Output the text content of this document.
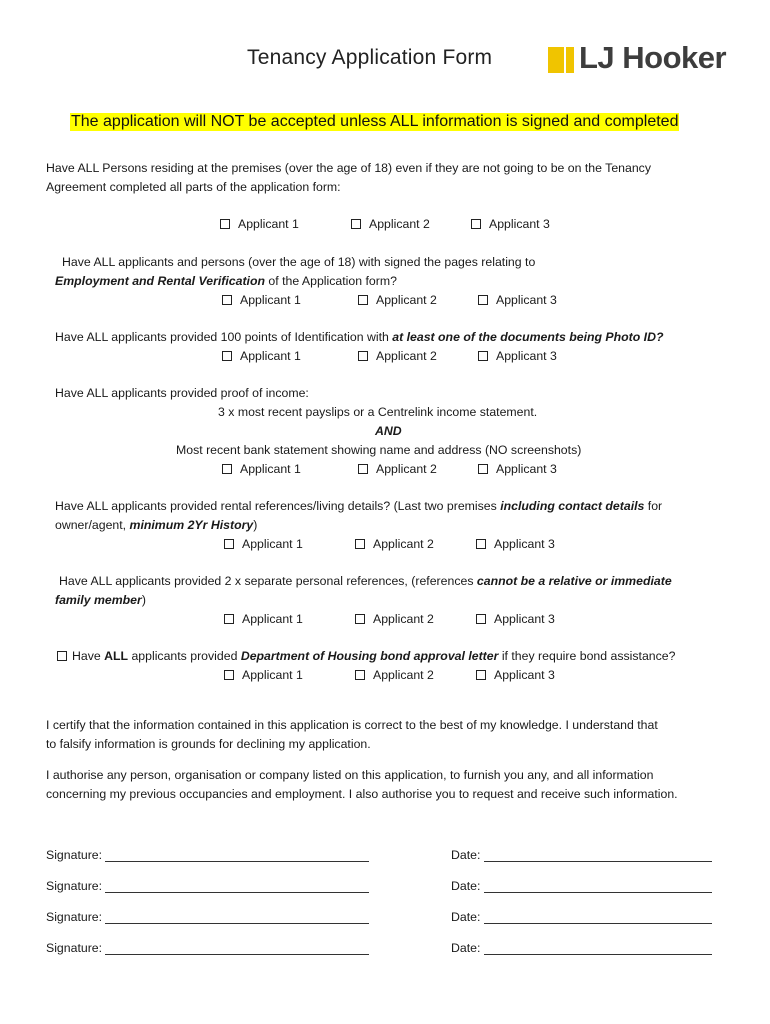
Tenancy Application Form	LJ Hooker
The application will NOT be accepted unless ALL information is signed and completed
Have ALL Persons residing at the premises (over the age of 18) even if they are not going to be on the Tenancy
Agreement completed all parts of the application form:
Applicant 1	Applicant 2	Applicant 3
Have ALL applicants and persons (over the age of 18) with signed the pages relating to
Employment and Rental Verification of the Application form?
Applicant 1	Applicant 2	Applicant 3
Have ALL applicants provided 100 points of Identification with at least one of the documents being Photo ID?
Applicant 1	Applicant 2	Applicant 3
Have ALL applicants provided proof of income:
3 x most recent payslips or a Centrelink income statement.
AND
Most recent bank statement showing name and address (NO screenshots)
Applicant 1	Applicant 2	Applicant 3
Have ALL applicants provided rental references/living details? (Last two premises including contact details for
owner/agent, minimum 2Yr History)
Applicant 1	Applicant 2	Applicant 3
Have ALL applicants provided 2 x separate personal references, (references cannot be a relative or immediate
family member)
Applicant 1	Applicant 2	Applicant 3
Have ALL applicants provided Department of Housing bond approval letter if they require bond assistance?
Applicant 1	Applicant 2	Applicant 3
I certify that the information contained in this application is correct to the best of my knowledge. I understand that
to falsify information is grounds for declining my application.
I authorise any person, organisation or company listed on this application, to furnish you any, and all information
concerning my previous occupancies and employment. I also authorise you to request and receive such information.
Signature:	Date:
Signature:	Date:
Signature:	Date:
Signature:	Date:
